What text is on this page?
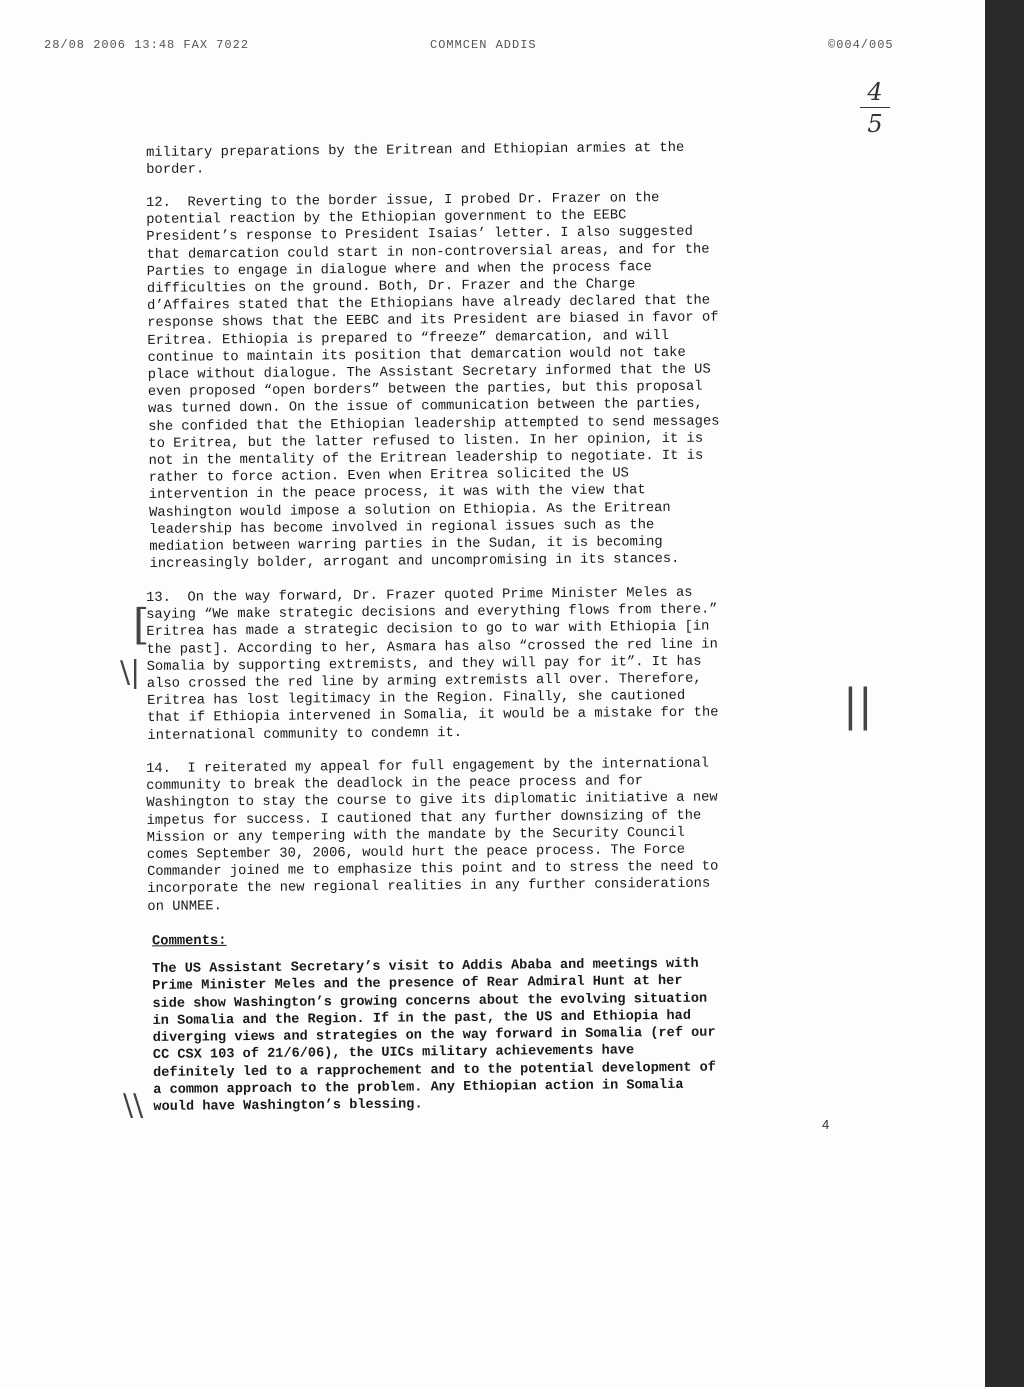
28/08 2006 13:48 FAX 7022	COMMCEN ADDIS	©004/005
4
5

military preparations by the Eritrean and Ethiopian armies at the
border.

12.  Reverting to the border issue, I probed Dr. Frazer on the
potential reaction by the Ethiopian government to the EEBC
President’s response to President Isaias’ letter. I also suggested
that demarcation could start in non-controversial areas, and for the
Parties to engage in dialogue where and when the process face
difficulties on the ground. Both, Dr. Frazer and the Charge
d’Affaires stated that the Ethiopians have already declared that the
response shows that the EEBC and its President are biased in favor of
Eritrea. Ethiopia is prepared to “freeze” demarcation, and will
continue to maintain its position that demarcation would not take
place without dialogue. The Assistant Secretary informed that the US
even proposed “open borders” between the parties, but this proposal
was turned down. On the issue of communication between the parties,
she confided that the Ethiopian leadership attempted to send messages
to Eritrea, but the latter refused to listen. In her opinion, it is
not in the mentality of the Eritrean leadership to negotiate. It is
rather to force action. Even when Eritrea solicited the US
intervention in the peace process, it was with the view that
Washington would impose a solution on Ethiopia. As the Eritrean
leadership has become involved in regional issues such as the
mediation between warring parties in the Sudan, it is becoming
increasingly bolder, arrogant and uncompromising in its stances.

13.  On the way forward, Dr. Frazer quoted Prime Minister Meles as
saying “We make strategic decisions and everything flows from there.”
Eritrea has made a strategic decision to go to war with Ethiopia [in
the past]. According to her, Asmara has also “crossed the red line in
Somalia by supporting extremists, and they will pay for it”. It has
also crossed the red line by arming extremists all over. Therefore,
Eritrea has lost legitimacy in the Region. Finally, she cautioned
that if Ethiopia intervened in Somalia, it would be a mistake for the
international community to condemn it.

14.  I reiterated my appeal for full engagement by the international
community to break the deadlock in the peace process and for
Washington to stay the course to give its diplomatic initiative a new
impetus for success. I cautioned that any further downsizing of the
Mission or any tempering with the mandate by the Security Council
comes September 30, 2006, would hurt the peace process. The Force
Commander joined me to emphasize this point and to stress the need to
incorporate the new regional realities in any further considerations
on UNMEE.

Comments:

The US Assistant Secretary’s visit to Addis Ababa and meetings with
Prime Minister Meles and the presence of Rear Admiral Hunt at her
side show Washington’s growing concerns about the evolving situation
in Somalia and the Region. If in the past, the US and Ethiopia had
diverging views and strategies on the way forward in Somalia (ref our
CC CSX 103 of 21/6/06), the UICs military achievements have
definitely led to a rapprochement and to the potential development of
a common approach to the problem. Any Ethiopian action in Somalia
would have Washington’s blessing.

[
\|
||
\\
4
